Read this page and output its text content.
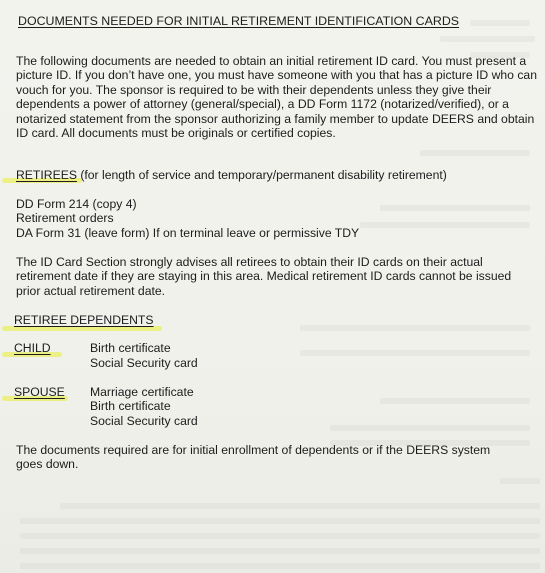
DOCUMENTS NEEDED FOR INITIAL RETIREMENT IDENTIFICATION CARDS
The following documents are needed to obtain an initial retirement ID card. You must present a picture ID. If you don’t have one, you must have someone with you that has a picture ID who can vouch for you. The sponsor is required to be with their dependents unless they give their dependents a power of attorney (general/special), a DD Form 1172 (notarized/verified), or a notarized statement from the sponsor authorizing a family member to update DEERS and obtain ID card. All documents must be originals or certified copies.
RETIREES (for length of service and temporary/permanent disability retirement)
DD Form 214 (copy 4)
Retirement orders
DA Form 31 (leave form) If on terminal leave or permissive TDY
The ID Card Section strongly advises all retirees to obtain their ID cards on their actual retirement date if they are staying in this area. Medical retirement ID cards cannot be issued prior actual retirement date.
RETIREE DEPENDENTS
CHILD	Birth certificate
Social Security card
SPOUSE Marriage certificate
Birth certificate
Social Security card
The documents required are for initial enrollment of dependents or if the DEERS system goes down.
